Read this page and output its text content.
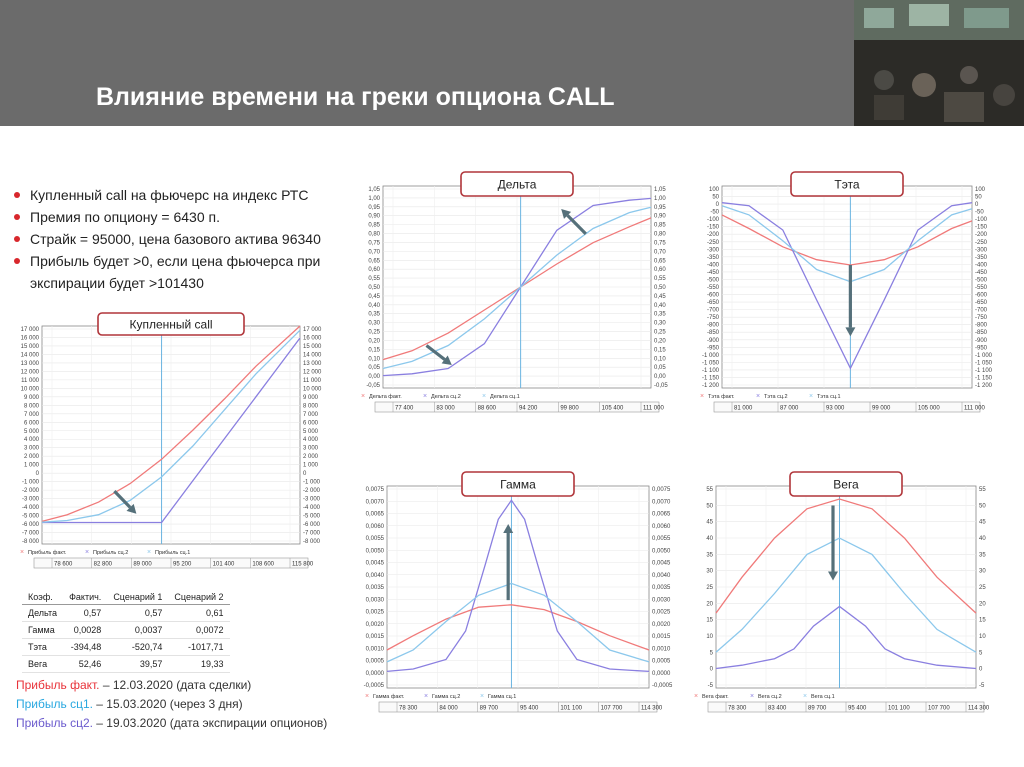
Влияние времени на греки опциона CALL
Купленный call на фьючерс на индекс РТС
Премия по опциону = 6430 п.
Страйк = 95000, цена базового актива 96340
Прибыль будет >0, если цена фьючерса при
экспирации будет >101430
17 000	17 000
16 000	16 000
15 000	15 000
14 000	14 000
13 000	13 000
12 000	12 000
11 000	11 000
10 000	10 000
9 000	9 000
8 000	8 000
7 000	7 000
6 000	6 000
5 000	5 000
4 000	4 000
3 000	3 000
2 000	2 000
1 000	1 000
0	0
-1 000	-1 000
-2 000	-2 000
-3 000	-3 000
-4 000	-4 000
-5 000	-5 000
-6 000	-6 000
-7 000	-7 000
-8 000	-8 000
Купленный call
× Прибыль факт.	× Прибыль сц.2	× Прибыль сц.1
78 600	82 800	89 000	95 200	101 400	108 600	115 800
1,05	1,05
1,00	1,00
0,95	0,95
0,90	0,90
0,85	0,85
0,80	0,80
0,75	0,75
0,70	0,70
0,65	0,65
0,60	0,60
0,55	0,55
0,50	0,50
0,45	0,45
0,40	0,40
0,35	0,35
0,30	0,30
0,25	0,25
0,20	0,20
0,15	0,15
0,10	0,10
0,05	0,05
0,00	0,00
-0,05	-0,05
Дельта
× Дельта факт.	× Дельта сц.2	× Дельта сц.1
77 400	83 000	88 600	94 200	99 800	105 400	111 000
100	100
50	50
0	0
-50	-50
-100	-100
-150	-150
-200	-200
-250	-250
-300	-300
-350	-350
-400	-400
-450	-450
-500	-500
-550	-550
-600	-600
-650	-650
-700	-700
-750	-750
-800	-800
-850	-850
-900	-900
-950	-950
-1 000	-1 000
-1 050	-1 050
-1 100	-1 100
-1 150	-1 150
-1 200	-1 200
Тэта
× Тэта факт.	× Тэта сц.2	× Тэта сц.1
81 000	87 000	93 000	99 000	105 000	111 000
0,0075	0,0075
0,0070	0,0070
0,0065	0,0065
0,0060	0,0060
0,0055	0,0055
0,0050	0,0050
0,0045	0,0045
0,0040	0,0040
0,0035	0,0035
0,0030	0,0030
0,0025	0,0025
0,0020	0,0020
0,0015	0,0015
0,0010	0,0010
0,0005	0,0005
0,0000	0,0000
-0,0005	-0,0005
Гамма
× Гамма факт.	× Гамма сц.2	× Гамма сц.1
78 300	84 000	89 700	95 400	101 100	107 700	114 300
55	55
50	50
45	45
40	40
35	35
30	30
25	25
20	20
15	15
10	10
5	5
0	0
-5	-5
Вега
× Вега факт.	× Вега сц.2	× Вега сц.1
78 300	83 400	89 700	95 400	101 100	107 700	114 300
Коэф.	Фактич.	Сценарий 1	Сценарий 2
Дельта	0,57	0,57	0,61
Гамма	0,0028	0,0037	0,0072
Тэта	-394,48	-520,74	-1017,71
Вега	52,46	39,57	19,33
Прибыль факт. – 12.03.2020 (дата сделки)
Прибыль сц1. – 15.03.2020 (через 3 дня)
Прибыль сц2. – 19.03.2020 (дата экспирации опционов)
